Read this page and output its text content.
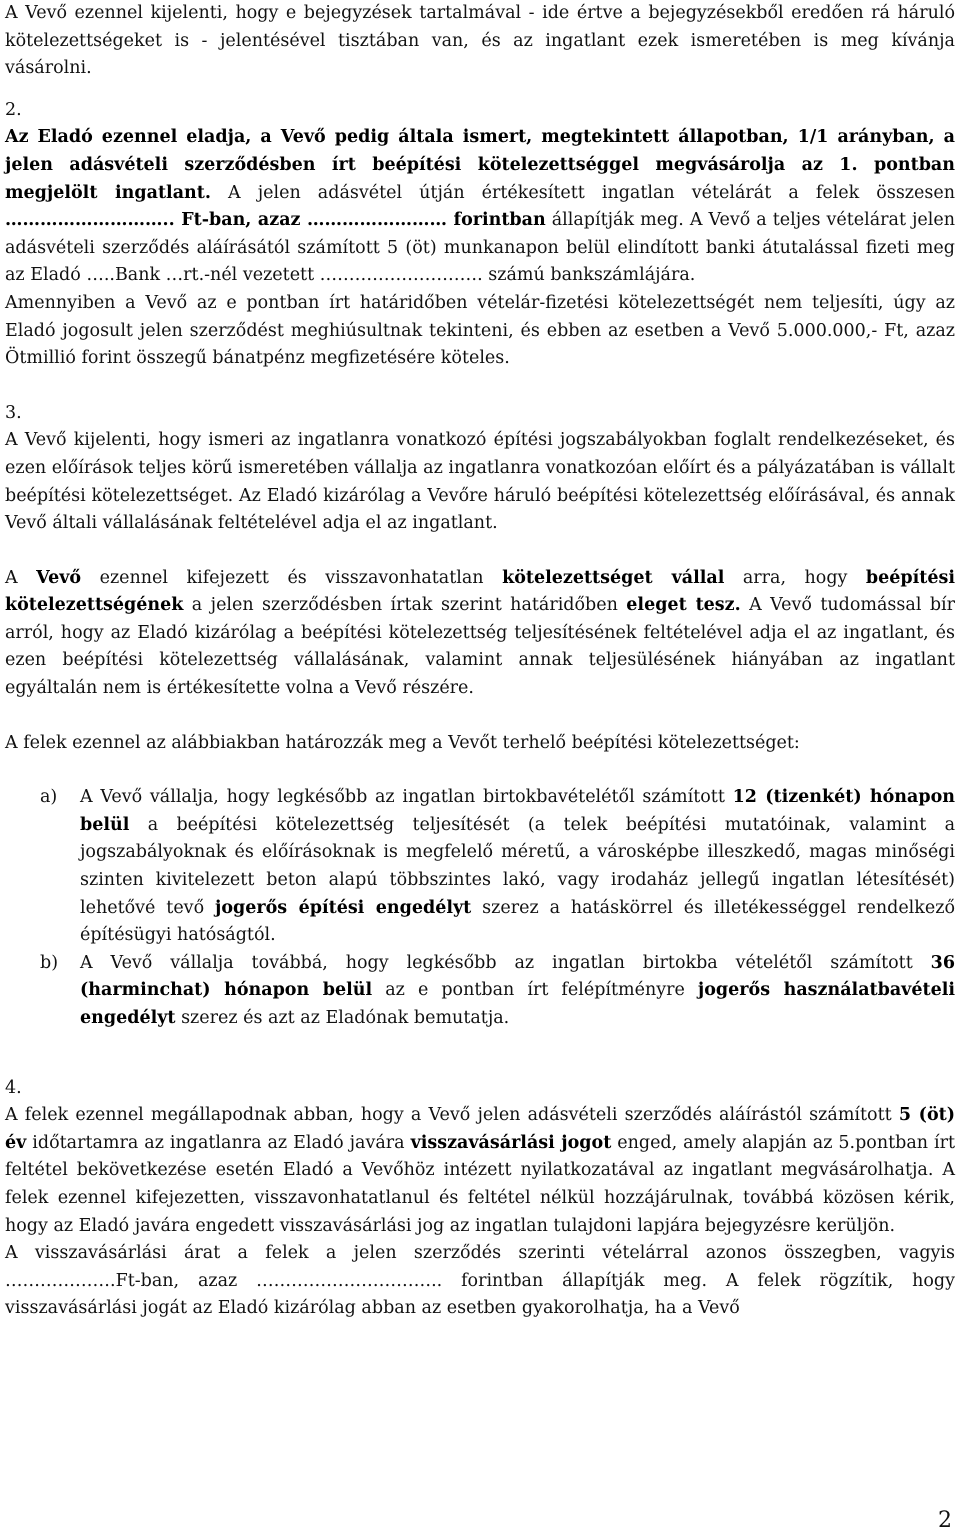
A Vevő ezennel kijelenti, hogy e bejegyzések tartalmával - ide értve a bejegyzésekből eredően rá háruló kötelezettségeket is - jelentésével tisztában van, és az ingatlant ezek ismeretében is meg kívánja vásárolni.

2.

Az Eladó ezennel eladja, a Vevő pedig általa ismert, megtekintett állapotban, 1/1 arányban, a jelen adásvételi szerződésben írt beépítési kötelezettséggel megvásárolja az 1. pontban megjelölt ingatlant. A jelen adásvétel útján értékesített ingatlan vételárát a felek összesen ……………………….. Ft-ban, azaz …………………… forintban állapítják meg. A Vevő a teljes vételárat jelen adásvételi szerződés aláírásától számított 5 (öt) munkanapon belül elindított banki átutalással fizeti meg az Eladó …..Bank …rt.-nél vezetett ………………………. számú bankszámlájára.

Amennyiben a Vevő az e pontban írt határidőben vételár-fizetési kötelezettségét nem teljesíti, úgy az Eladó jogosult jelen szerződést meghiúsultnak tekinteni, és ebben az esetben a Vevő 5.000.000,- Ft, azaz Ötmillió forint összegű bánatpénz megfizetésére köteles.

3.

A Vevő kijelenti, hogy ismeri az ingatlanra vonatkozó építési jogszabályokban foglalt rendelkezéseket, és ezen előírások teljes körű ismeretében vállalja az ingatlanra vonatkozóan előírt és a pályázatában is vállalt beépítési kötelezettséget. Az Eladó kizárólag a Vevőre háruló beépítési kötelezettség előírásával, és annak Vevő általi vállalásának feltételével adja el az ingatlant.

A Vevő ezennel kifejezett és visszavonhatatlan kötelezettséget vállal arra, hogy beépítési kötelezettségének a jelen szerződésben írtak szerint határidőben eleget tesz. A Vevő tudomással bír arról, hogy az Eladó kizárólag a beépítési kötelezettség teljesítésének feltételével adja el az ingatlant, és ezen beépítési kötelezettség vállalásának, valamint annak teljesülésének hiányában az ingatlant egyáltalán nem is értékesítette volna a Vevő részére.

A felek ezennel az alábbiakban határozzák meg a Vevőt terhelő beépítési kötelezettséget:

a) A Vevő vállalja, hogy legkésőbb az ingatlan birtokbavételétől számított 12 (tizenkét) hónapon belül a beépítési kötelezettség teljesítését (a telek beépítési mutatóinak, valamint a jogszabályoknak és előírásoknak is megfelelő méretű, a városképbe illeszkedő, magas minőségi szinten kivitelezett beton alapú többszintes lakó, vagy irodaház jellegű ingatlan létesítését) lehetővé tevő jogerős építési engedélyt szerez a hatáskörrel és illetékességgel rendelkező építésügyi hatóságtól.
b) A Vevő vállalja továbbá, hogy legkésőbb az ingatlan birtokba vételétől számított 36 (harminchat) hónapon belül az e pontban írt felépítményre jogerős használatbavételi engedélyt szerez és azt az Eladónak bemutatja.

4.

A felek ezennel megállapodnak abban, hogy a Vevő jelen adásvételi szerződés aláírástól számított 5 (öt) év időtartamra az ingatlanra az Eladó javára visszavásárlási jogot enged, amely alapján az 5.pontban írt feltétel bekövetkezése esetén Eladó a Vevőhöz intézett nyilatkozatával az ingatlant megvásárolhatja. A felek ezennel kifejezetten, visszavonhatatlanul és feltétel nélkül hozzájárulnak, továbbá közösen kérik, hogy az Eladó javára engedett visszavásárlási jog az ingatlan tulajdoni lapjára bejegyzésre kerüljön.

A visszavásárlási árat a felek a jelen szerződés szerinti vételárral azonos összegben, vagyis ……………….Ft-ban, azaz ………………………….. forintban állapítják meg. A felek rögzítik, hogy visszavásárlási jogát az Eladó kizárólag abban az esetben gyakorolhatja, ha a Vevő

2
